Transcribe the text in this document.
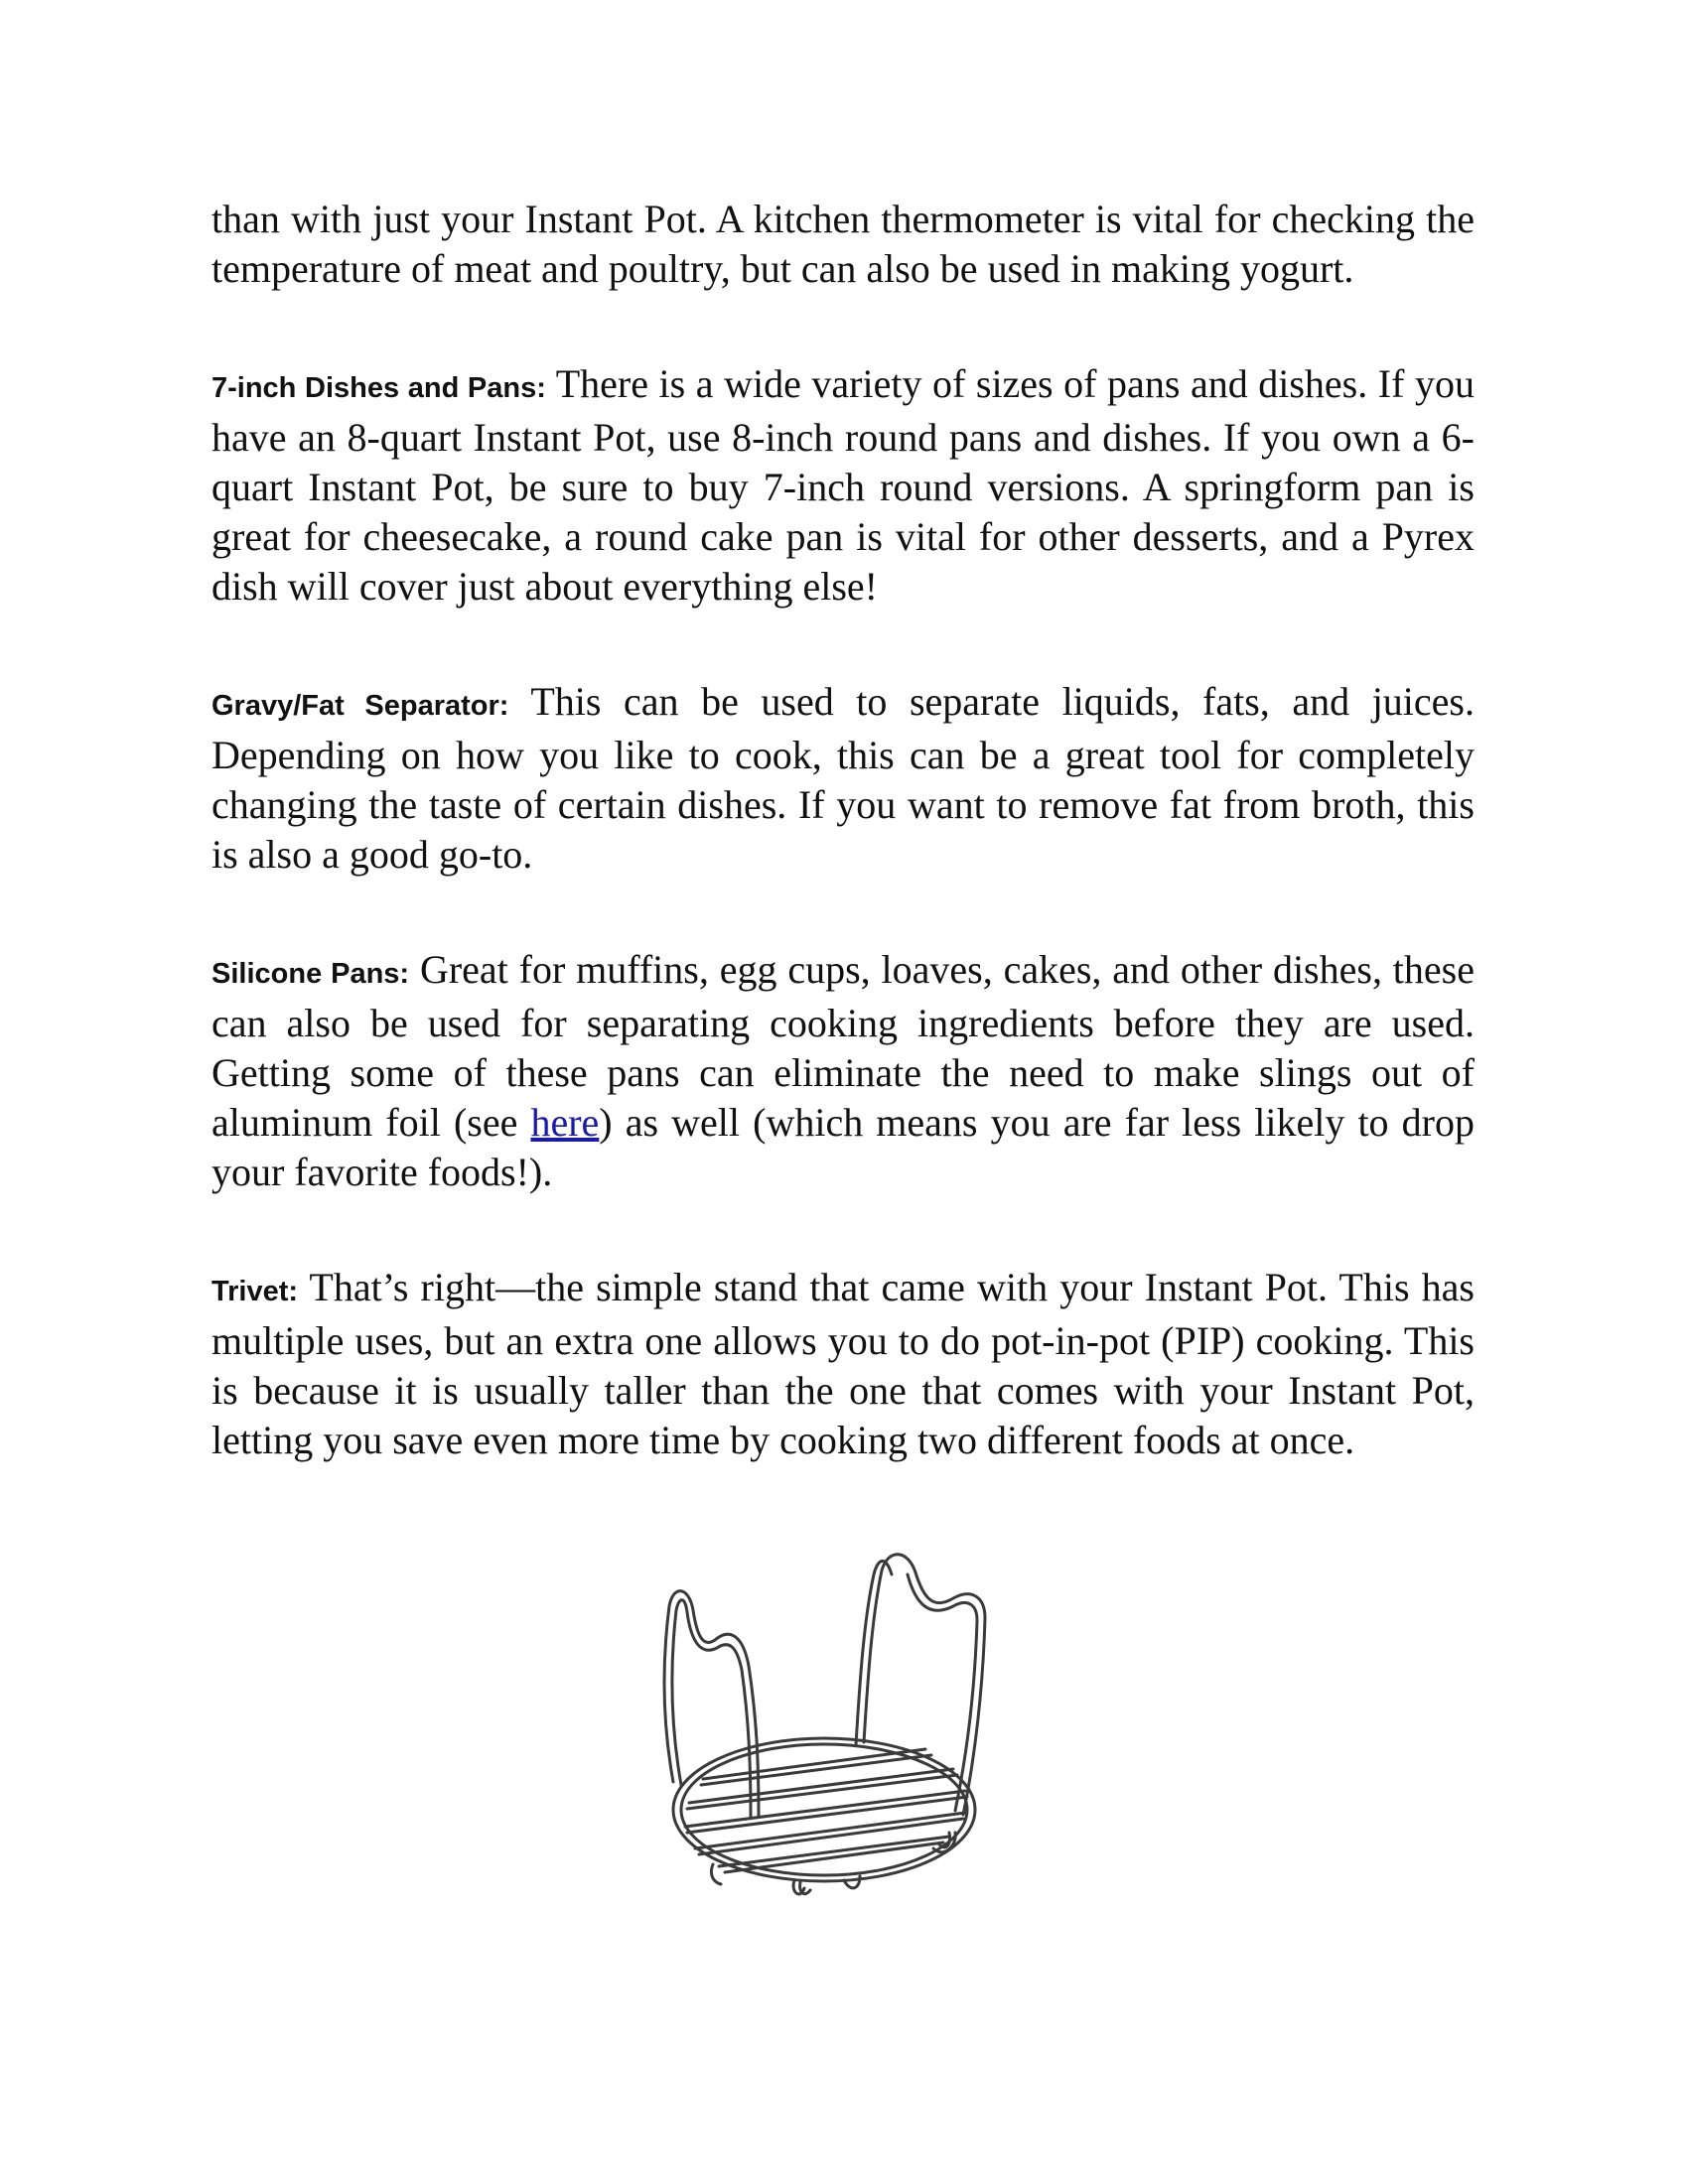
than with just your Instant Pot. A kitchen thermometer is vital for checking the temperature of meat and poultry, but can also be used in making yogurt.

7-inch Dishes and Pans: There is a wide variety of sizes of pans and dishes. If you have an 8-quart Instant Pot, use 8-inch round pans and dishes. If you own a 6-quart Instant Pot, be sure to buy 7-inch round versions. A springform pan is great for cheesecake, a round cake pan is vital for other desserts, and a Pyrex dish will cover just about everything else!

Gravy/Fat Separator: This can be used to separate liquids, fats, and juices. Depending on how you like to cook, this can be a great tool for completely changing the taste of certain dishes. If you want to remove fat from broth, this is also a good go-to.

Silicone Pans: Great for muffins, egg cups, loaves, cakes, and other dishes, these can also be used for separating cooking ingredients before they are used. Getting some of these pans can eliminate the need to make slings out of aluminum foil (see here) as well (which means you are far less likely to drop your favorite foods!).

Trivet: That’s right—the simple stand that came with your Instant Pot. This has multiple uses, but an extra one allows you to do pot-in-pot (PIP) cooking. This is because it is usually taller than the one that comes with your Instant Pot, letting you save even more time by cooking two different foods at once.
